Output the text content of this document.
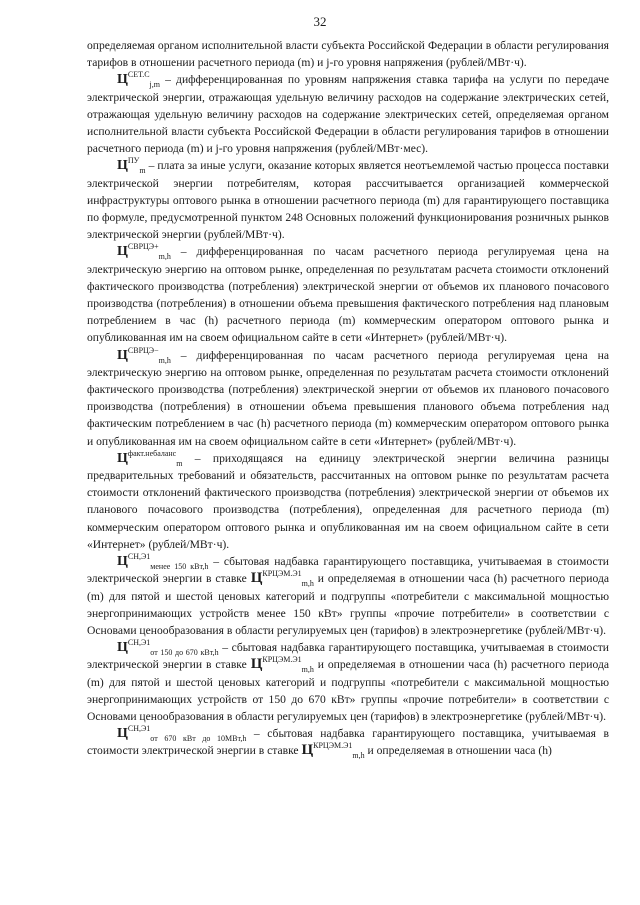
32

определяемая органом исполнительной власти субъекта Российской Федерации в области регулирования тарифов в отношении расчетного периода (m) и j-го уровня напряжения (рублей/МВт·ч).

$Ц^{СЕТ.С}_{j,m}$ – дифференцированная по уровням напряжения ставка тарифа на услуги по передаче электрической энергии, отражающая удельную величину расходов на содержание электрических сетей, отражающая удельную величину расходов на содержание электрических сетей, определяемая органом исполнительной власти субъекта Российской Федерации в области регулирования тарифов в отношении расчетного периода (m) и j-го уровня напряжения (рублей/МВт·мес).

$Ц^{ПУ}_m$ – плата за иные услуги, оказание которых является неотъемлемой частью процесса поставки электрической энергии потребителям, которая рассчитывается организацией коммерческой инфраструктуры оптового рынка в отношении расчетного периода (m) для гарантирующего поставщика по формуле, предусмотренной пунктом 248 Основных положений функционирования розничных рынков электрической энергии (рублей/МВт·ч).

$Ц^{СВРЦЭ+}_{m,h}$ – дифференцированная по часам расчетного периода регулируемая цена на электрическую энергию на оптовом рынке, определенная по результатам расчета стоимости отклонений фактического производства (потребления) электрической энергии от объемов их планового почасового производства (потребления) в отношении объема превышения фактического потребления над плановым потреблением в час (h) расчетного периода (m) коммерческим оператором оптового рынка и опубликованная им на своем официальном сайте в сети «Интернет» (рублей/МВт·ч).

$Ц^{СВРЦЭ-}_{m,h}$ – дифференцированная по часам расчетного периода регулируемая цена на электрическую энергию на оптовом рынке, определенная по результатам расчета стоимости отклонений фактического производства (потребления) электрической энергии от объемов их планового почасового производства (потребления) в отношении объема превышения планового объема потребления над фактическим потреблением в час (h) расчетного периода (m) коммерческим оператором оптового рынка и опубликованная им на своем официальном сайте в сети «Интернет» (рублей/МВт·ч).

$Ц^{факт.небаланс}_m$ – приходящаяся на единицу электрической энергии величина разницы предварительных требований и обязательств, рассчитанных на оптовом рынке по результатам расчета стоимости отклонений фактического производства (потребления) электрической энергии от объемов их планового почасового производства (потребления), определенная для расчетного периода (m) коммерческим оператором оптового рынка и опубликованная им на своем официальном сайте в сети «Интернет» (рублей/МВт·ч).

$Ц^{СН,Э1}_{менее 150 кВт,h}$ – сбытовая надбавка гарантирующего поставщика, учитываемая в стоимости электрической энергии в ставке $Ц^{КРЦЭМ.Э1}_{m,h}$ и определяемая в отношении часа (h) расчетного периода (m) для пятой и шестой ценовых категорий и подгруппы «потребители с максимальной мощностью энергопринимающих устройств менее 150 кВт» группы «прочие потребители» в соответствии с Основами ценообразования в области регулируемых цен (тарифов) в электроэнергетике (рублей/МВт·ч).

$Ц^{СН,Э1}_{от 150 до 670 кВт,h}$ – сбытовая надбавка гарантирующего поставщика, учитываемая в стоимости электрической энергии в ставке $Ц^{КРЦЭМ.Э1}_{m,h}$ и определяемая в отношении часа (h) расчетного периода (m) для пятой и шестой ценовых категорий и подгруппы «потребители с максимальной мощностью энергопринимающих устройств от 150 до 670 кВт» группы «прочие потребители» в соответствии с Основами ценообразования в области регулируемых цен (тарифов) в электроэнергетике (рублей/МВт·ч).

$Ц^{СН,Э1}_{от 670 кВт до 10МВт,h}$ – сбытовая надбавка гарантирующего поставщика, учитываемая в стоимости электрической энергии в ставке $Ц^{КРЦЭМ.Э1}_{m,h}$ и определяемая в отношении часа (h)
